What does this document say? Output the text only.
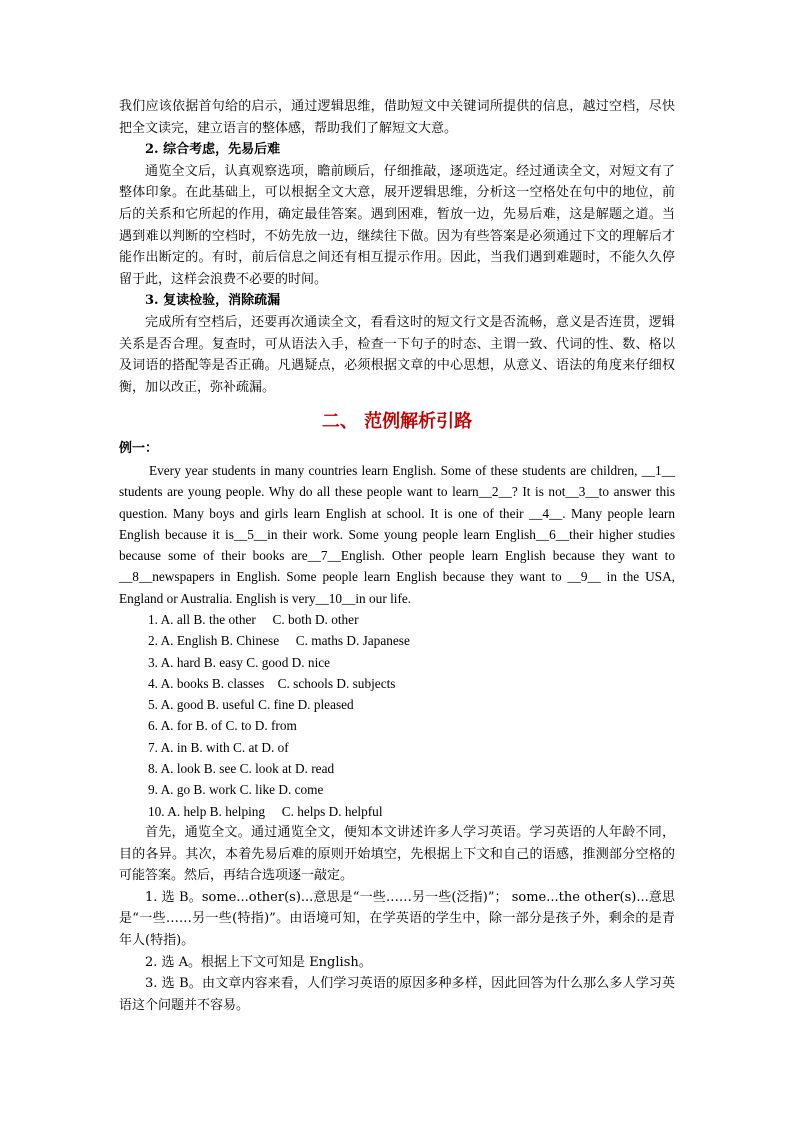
我们应该依据首句给的启示，通过逻辑思维，借助短文中关键词所提供的信息，越过空档，尽快把全文读完，建立语言的整体感，帮助我们了解短文大意。

2. 综合考虑，先易后难

通览全文后，认真观察选项，瞻前顾后，仔细推敲，逐项选定。经过通读全文，对短文有了整体印象。在此基础上，可以根据全文大意，展开逻辑思维，分析这一空格处在句中的地位，前后的关系和它所起的作用，确定最佳答案。遇到困难，暂放一边，先易后难，这是解题之道。当遇到难以判断的空档时，不妨先放一边，继续往下做。因为有些答案是必须通过下文的理解后才能作出断定的。有时，前后信息之间还有相互提示作用。因此，当我们遇到难题时，不能久久停留于此，这样会浪费不必要的时间。

3. 复读检验，消除疏漏

完成所有空档后，还要再次通读全文，看看这时的短文行文是否流畅，意义是否连贯，逻辑关系是否合理。复查时，可从语法入手，检查一下句子的时态、主谓一致、代词的性、数、格以及词语的搭配等是否正确。凡遇疑点，必须根据文章的中心思想，从意义、语法的角度来仔细权衡，加以改正，弥补疏漏。

二、 范例解析引路

例一：

Every year students in many countries learn English. Some of these students are children, __1__ students are young people. Why do all these people want to learn__2__? It is not__3__to answer this question. Many boys and girls learn English at school. It is one of their __4__. Many people learn English because it is__5__in their work. Some young people learn English__6__their higher studies because some of their books are__7__English. Other people learn English because they want to __8__newspapers in English. Some people learn English because they want to __9__ in the USA, England or Australia. English is very__10__in our life.

1. A. all B. the other     C. both D. other

2. A. English B. Chinese     C. maths D. Japanese

3. A. hard B. easy C. good D. nice

4. A. books B. classes    C. schools D. subjects

5. A. good B. useful C. fine D. pleased

6. A. for B. of C. to D. from

7. A. in B. with C. at D. of

8. A. look B. see C. look at D. read

9. A. go B. work C. like D. come

10. A. help B. helping     C. helps D. helpful

首先，通览全文。通过通览全文，便知本文讲述许多人学习英语。学习英语的人年龄不同，目的各异。其次，本着先易后难的原则开始填空，先根据上下文和自己的语感，推测部分空格的可能答案。然后，再结合选项逐一敲定。

1. 选 B。some...other(s)...意思是“一些……另一些(泛指)”； some...the other(s)...意思是“一些……另一些(特指)”。由语境可知，在学英语的学生中，除一部分是孩子外，剩余的是青年人(特指)。

2. 选 A。根据上下文可知是 English。

3. 选 B。由文章内容来看，人们学习英语的原因多种多样，因此回答为什么那么多人学习英语这个问题并不容易。
